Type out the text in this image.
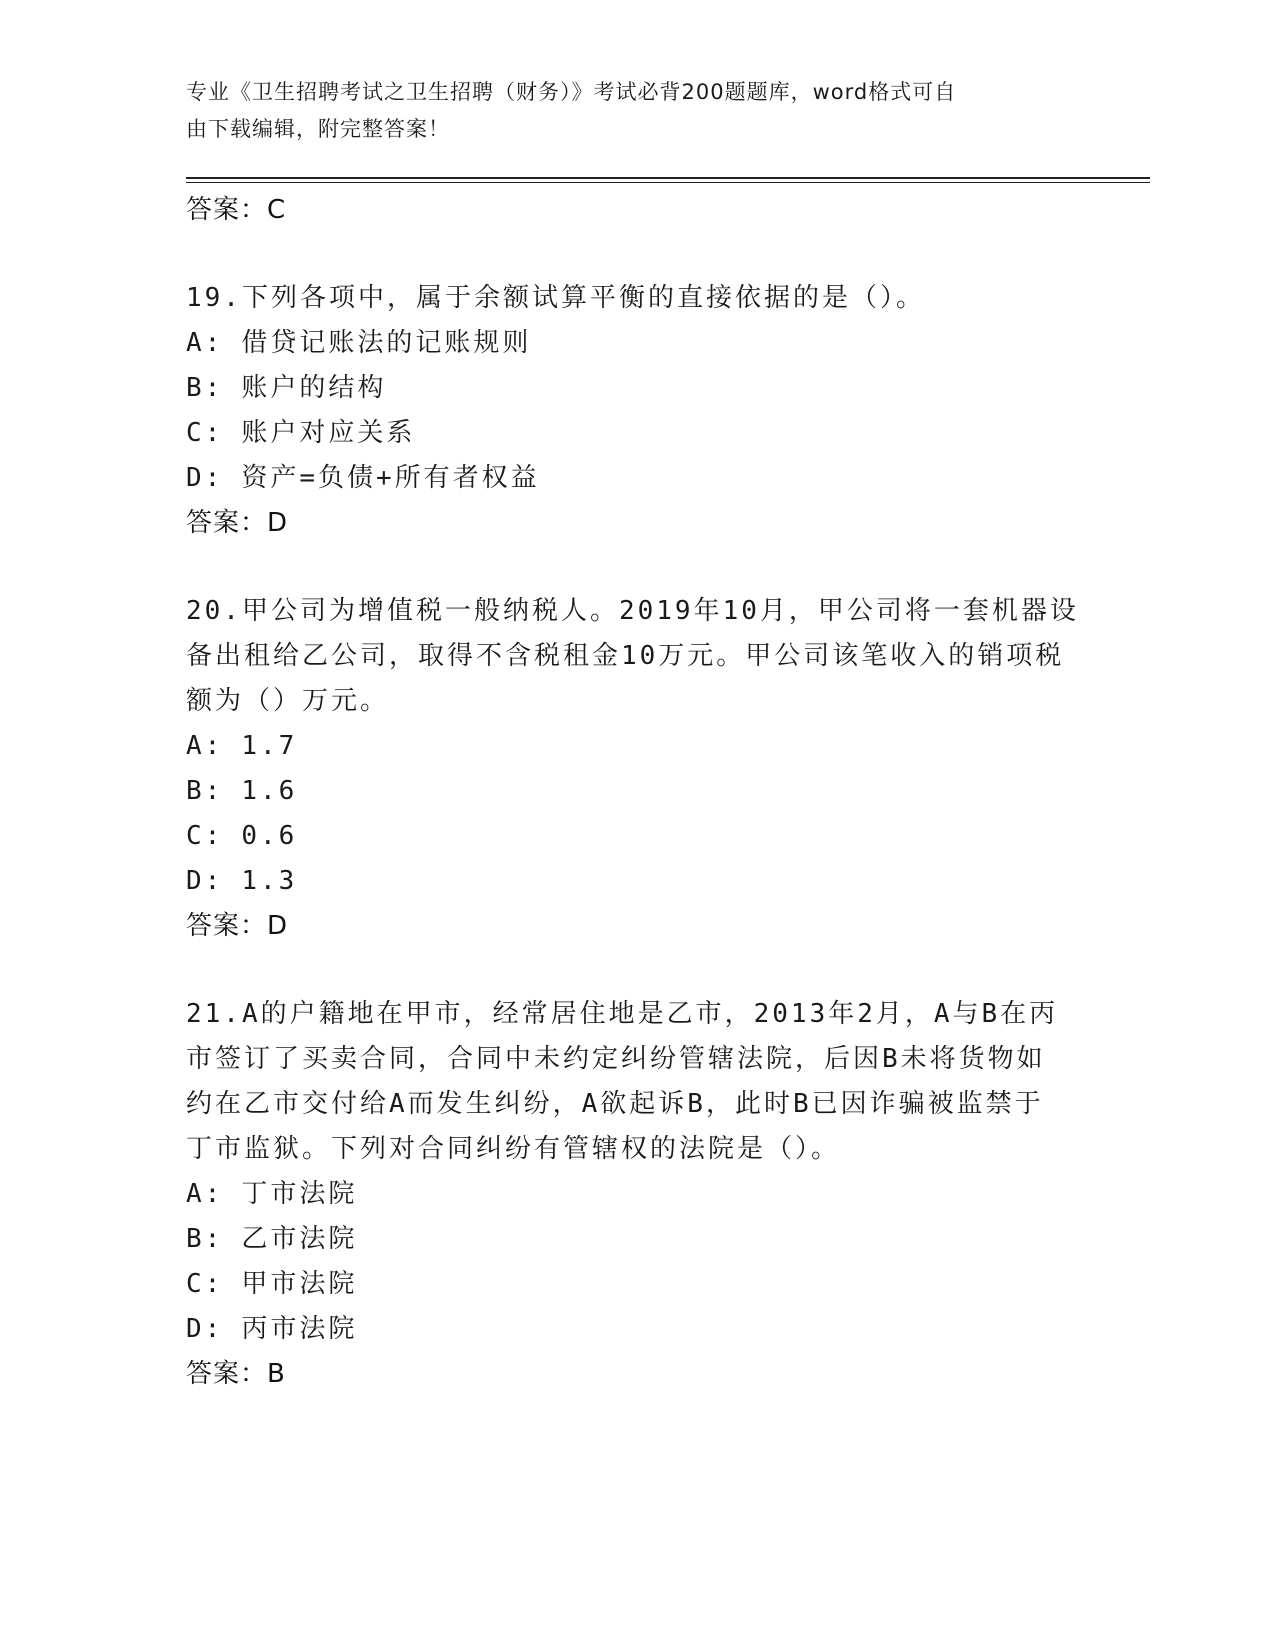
专业《卫生招聘考试之卫生招聘（财务）》考试必背200题题库，word格式可自
由下载编辑，附完整答案！
答案：C
19.下列各项中，属于余额试算平衡的直接依据的是（）。
A: 借贷记账法的记账规则
B: 账户的结构
C: 账户对应关系
D: 资产=负债+所有者权益
答案：D
20.甲公司为增值税一般纳税人。2019年10月，甲公司将一套机器设
备出租给乙公司，取得不含税租金10万元。甲公司该笔收入的销项税
额为（）万元。
A: 1.7
B: 1.6
C: 0.6
D: 1.3
答案：D
21.A的户籍地在甲市，经常居住地是乙市，2013年2月，A与B在丙
市签订了买卖合同，合同中未约定纠纷管辖法院，后因B未将货物如
约在乙市交付给A而发生纠纷，A欲起诉B，此时B已因诈骗被监禁于
丁市监狱。下列对合同纠纷有管辖权的法院是（）。
A: 丁市法院
B: 乙市法院
C: 甲市法院
D: 丙市法院
答案：B
